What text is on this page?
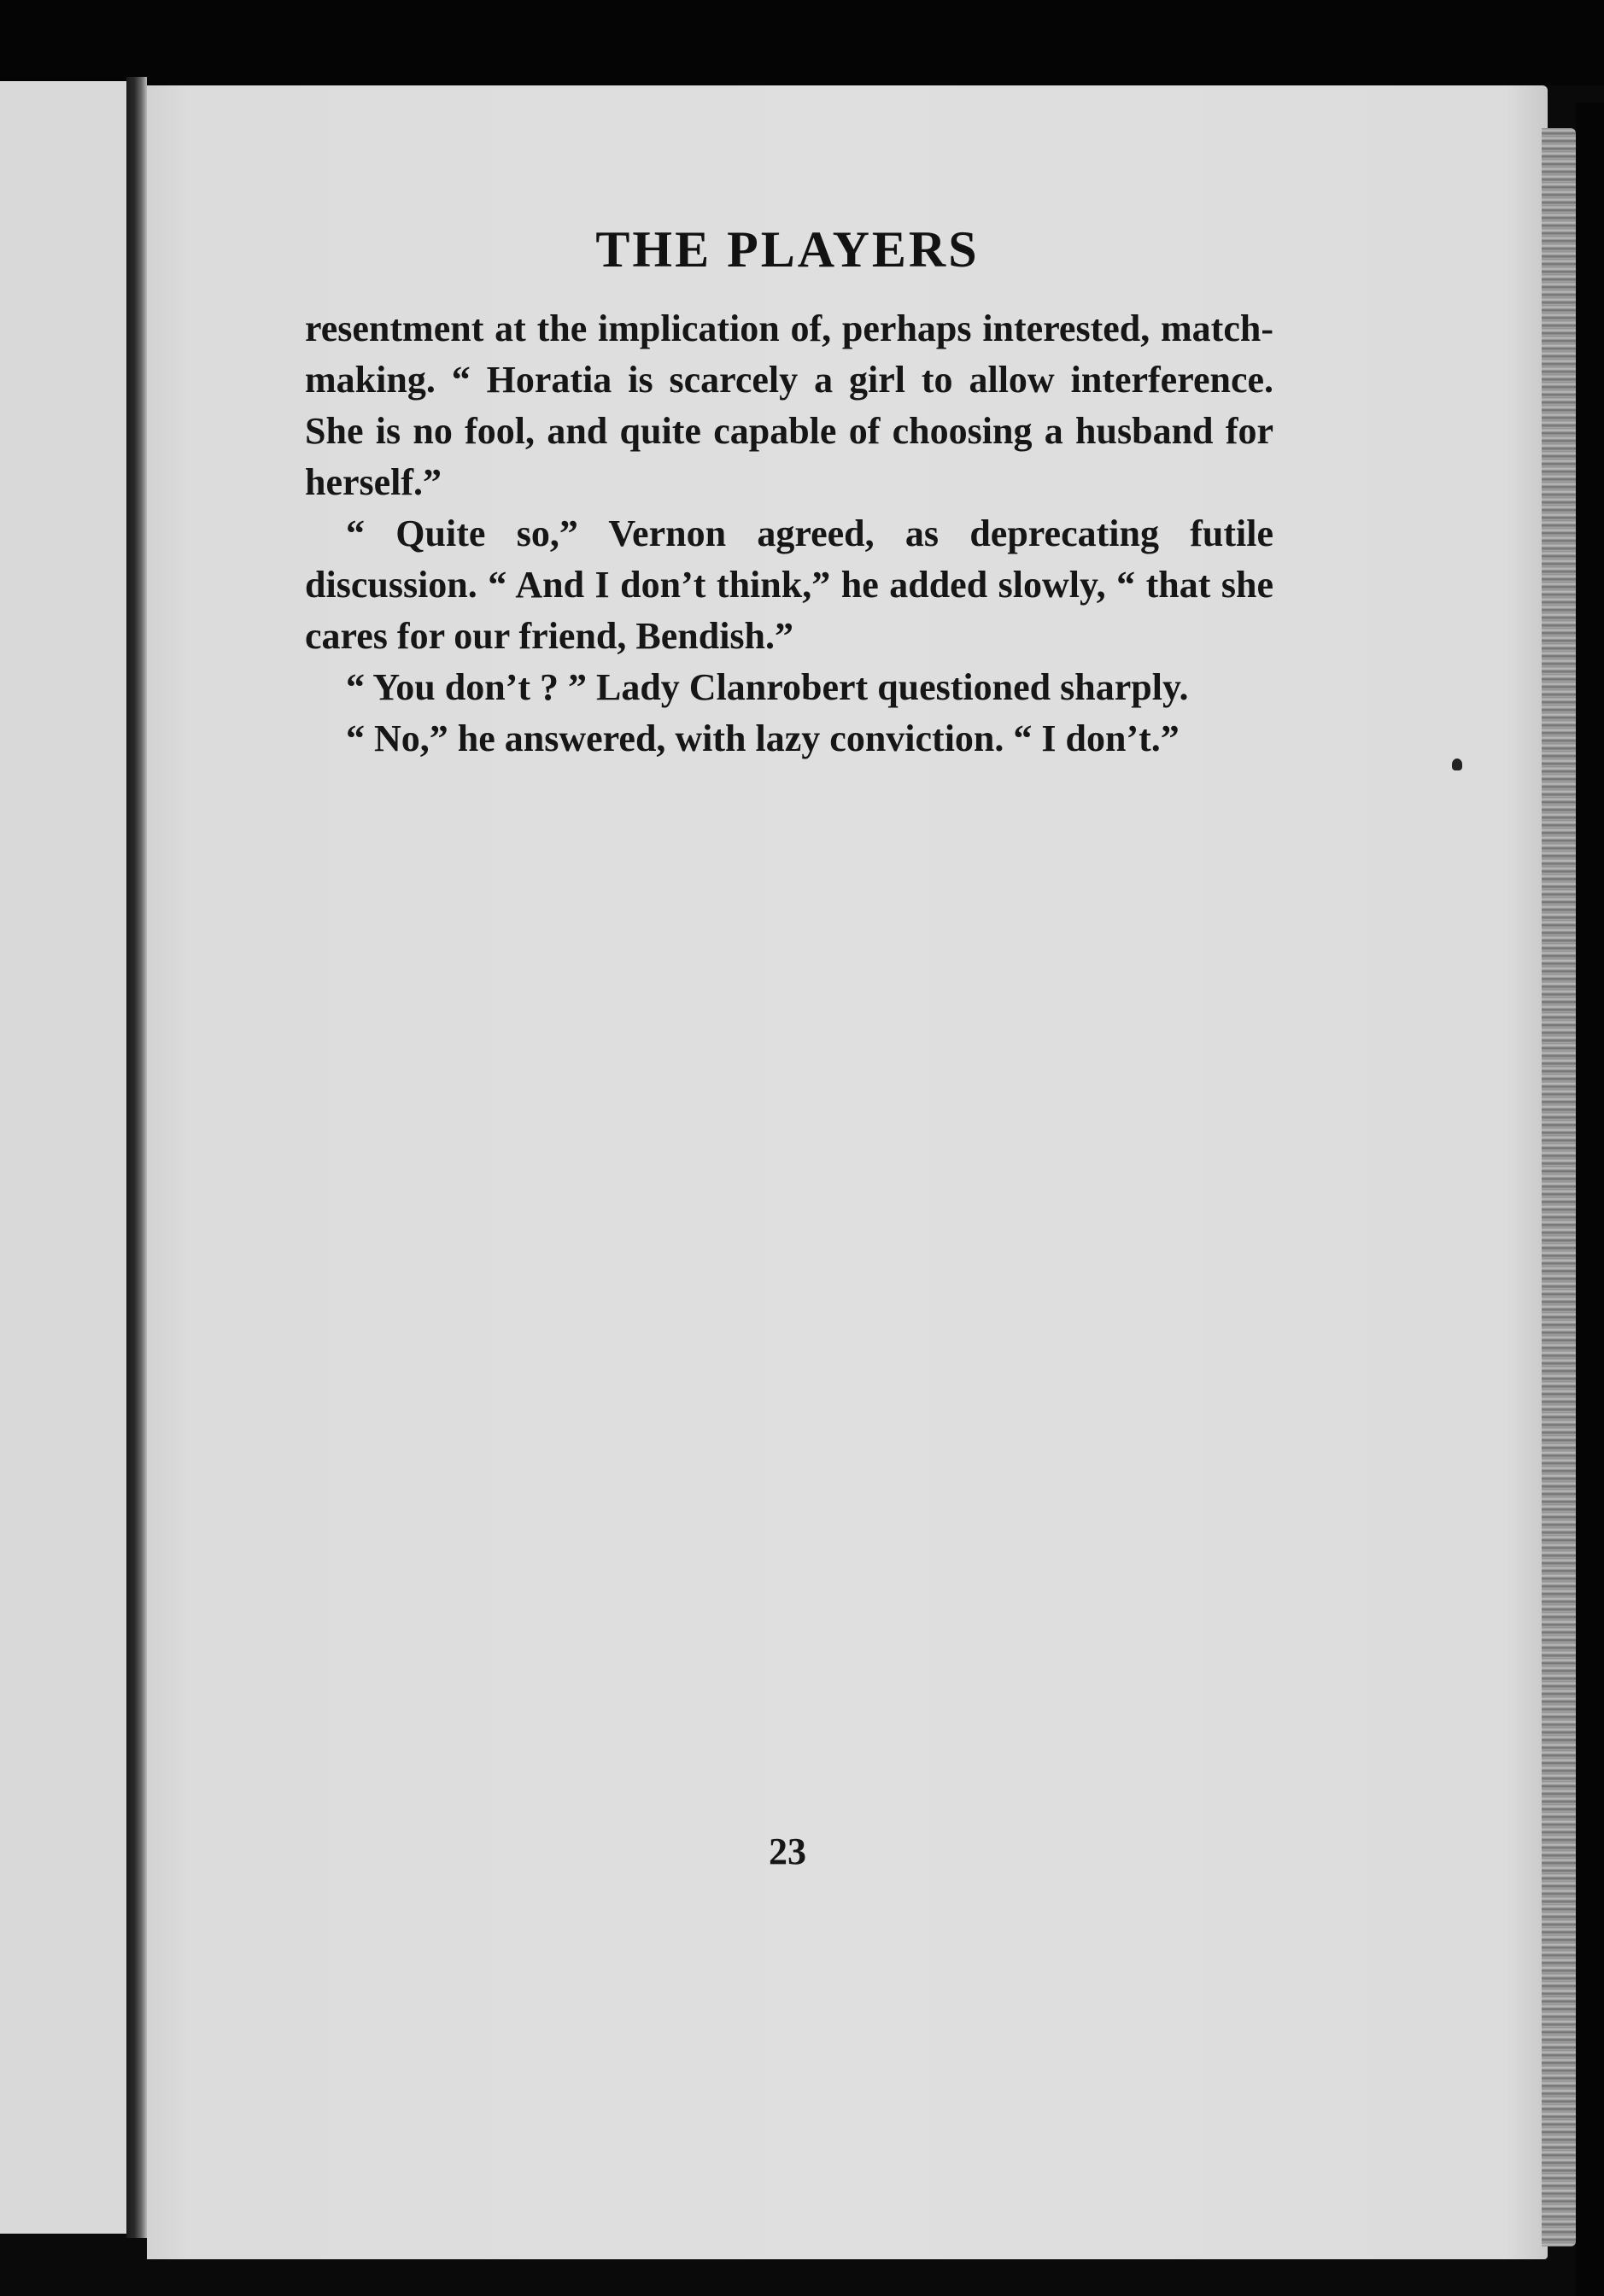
THE PLAYERS

resentment at the implication of, perhaps interested, match-making. “ Horatia is scarcely a girl to allow interference. She is no fool, and quite capable of choosing a husband for herself.”

“ Quite so,” Vernon agreed, as deprecating futile discussion. “ And I don’t think,” he added slowly, “ that she cares for our friend, Bendish.”

“ You don’t ? ” Lady Clanrobert questioned sharply.

“ No,” he answered, with lazy conviction. “ I don’t.”

23
